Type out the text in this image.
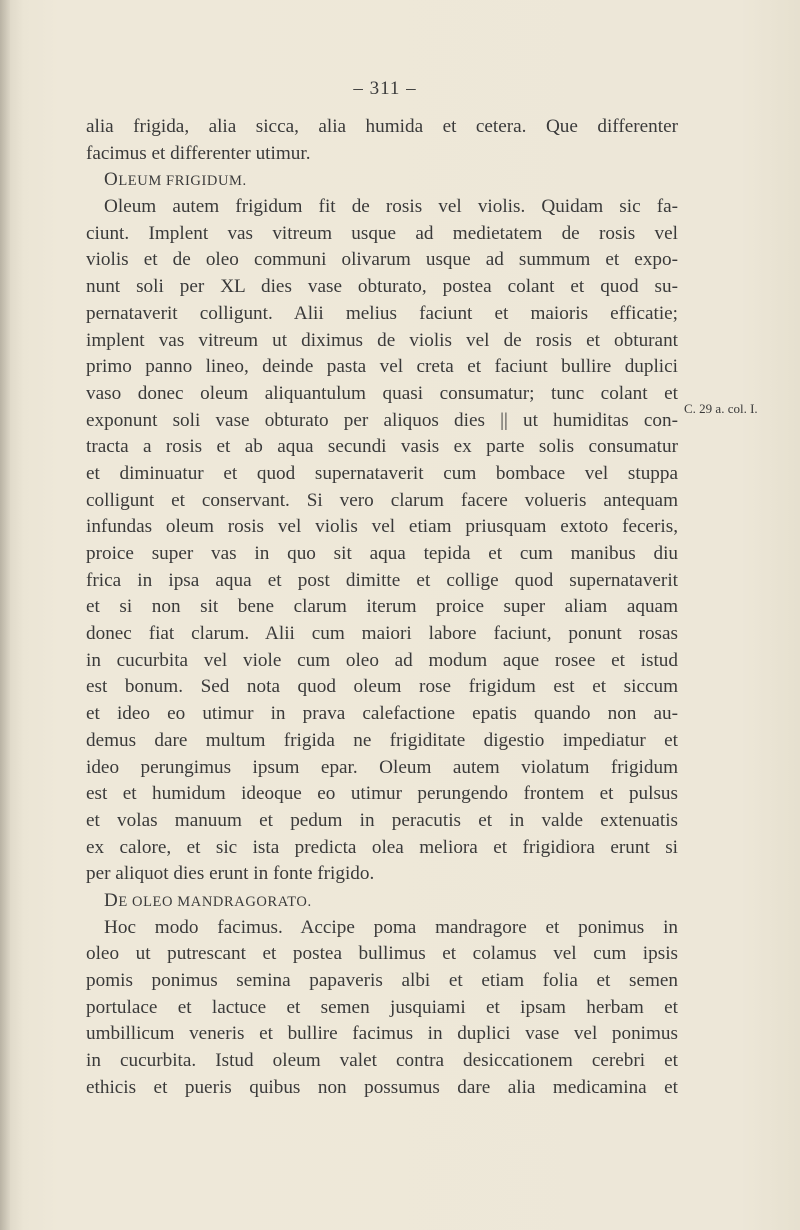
– 311 –
alia frigida, alia sicca, alia humida et cetera. Que differenter
facimus et differenter utimur.
OLEUM FRIGIDUM.
Oleum autem frigidum fit de rosis vel violis. Quidam sic fa-
ciunt. Implent vas vitreum usque ad medietatem de rosis vel
violis et de oleo communi olivarum usque ad summum et expo-
nunt soli per XL dies vase obturato, postea colant et quod su-
pernataverit colligunt. Alii melius faciunt et maioris efficatie;
implent vas vitreum ut diximus de violis vel de rosis et obturant
primo panno lineo, deinde pasta vel creta et faciunt bullire duplici
vaso donec oleum aliquantulum quasi consumatur; tunc colant et
exponunt soli vase obturato per aliquos dies || ut humiditas con-
tracta a rosis et ab aqua secundi vasis ex parte solis consumatur
et diminuatur et quod supernataverit cum bombace vel stuppa
colligunt et conservant. Si vero clarum facere volueris antequam
infundas oleum rosis vel violis vel etiam priusquam extoto feceris,
proice super vas in quo sit aqua tepida et cum manibus diu
frica in ipsa aqua et post dimitte et collige quod supernataverit
et si non sit bene clarum iterum proice super aliam aquam
donec fiat clarum. Alii cum maiori labore faciunt, ponunt rosas
in cucurbita vel viole cum oleo ad modum aque rosee et istud
est bonum. Sed nota quod oleum rose frigidum est et siccum
et ideo eo utimur in prava calefactione epatis quando non au-
demus dare multum frigida ne frigiditate digestio impediatur et
ideo perungimus ipsum epar. Oleum autem violatum frigidum
est et humidum ideoque eo utimur perungendo frontem et pulsus
et volas manuum et pedum in peracutis et in valde extenuatis
ex calore, et sic ista predicta olea meliora et frigidiora erunt si
per aliquot dies erunt in fonte frigido.
DE OLEO MANDRAGORATO.
Hoc modo facimus. Accipe poma mandragore et ponimus in
oleo ut putrescant et postea bullimus et colamus vel cum ipsis
pomis ponimus semina papaveris albi et etiam folia et semen
portulace et lactuce et semen jusquiami et ipsam herbam et
umbillicum veneris et bullire facimus in duplici vase vel ponimus
in cucurbita. Istud oleum valet contra desiccationem cerebri et
ethicis et pueris quibus non possumus dare alia medicamina et
C. 29 a. col. I.
